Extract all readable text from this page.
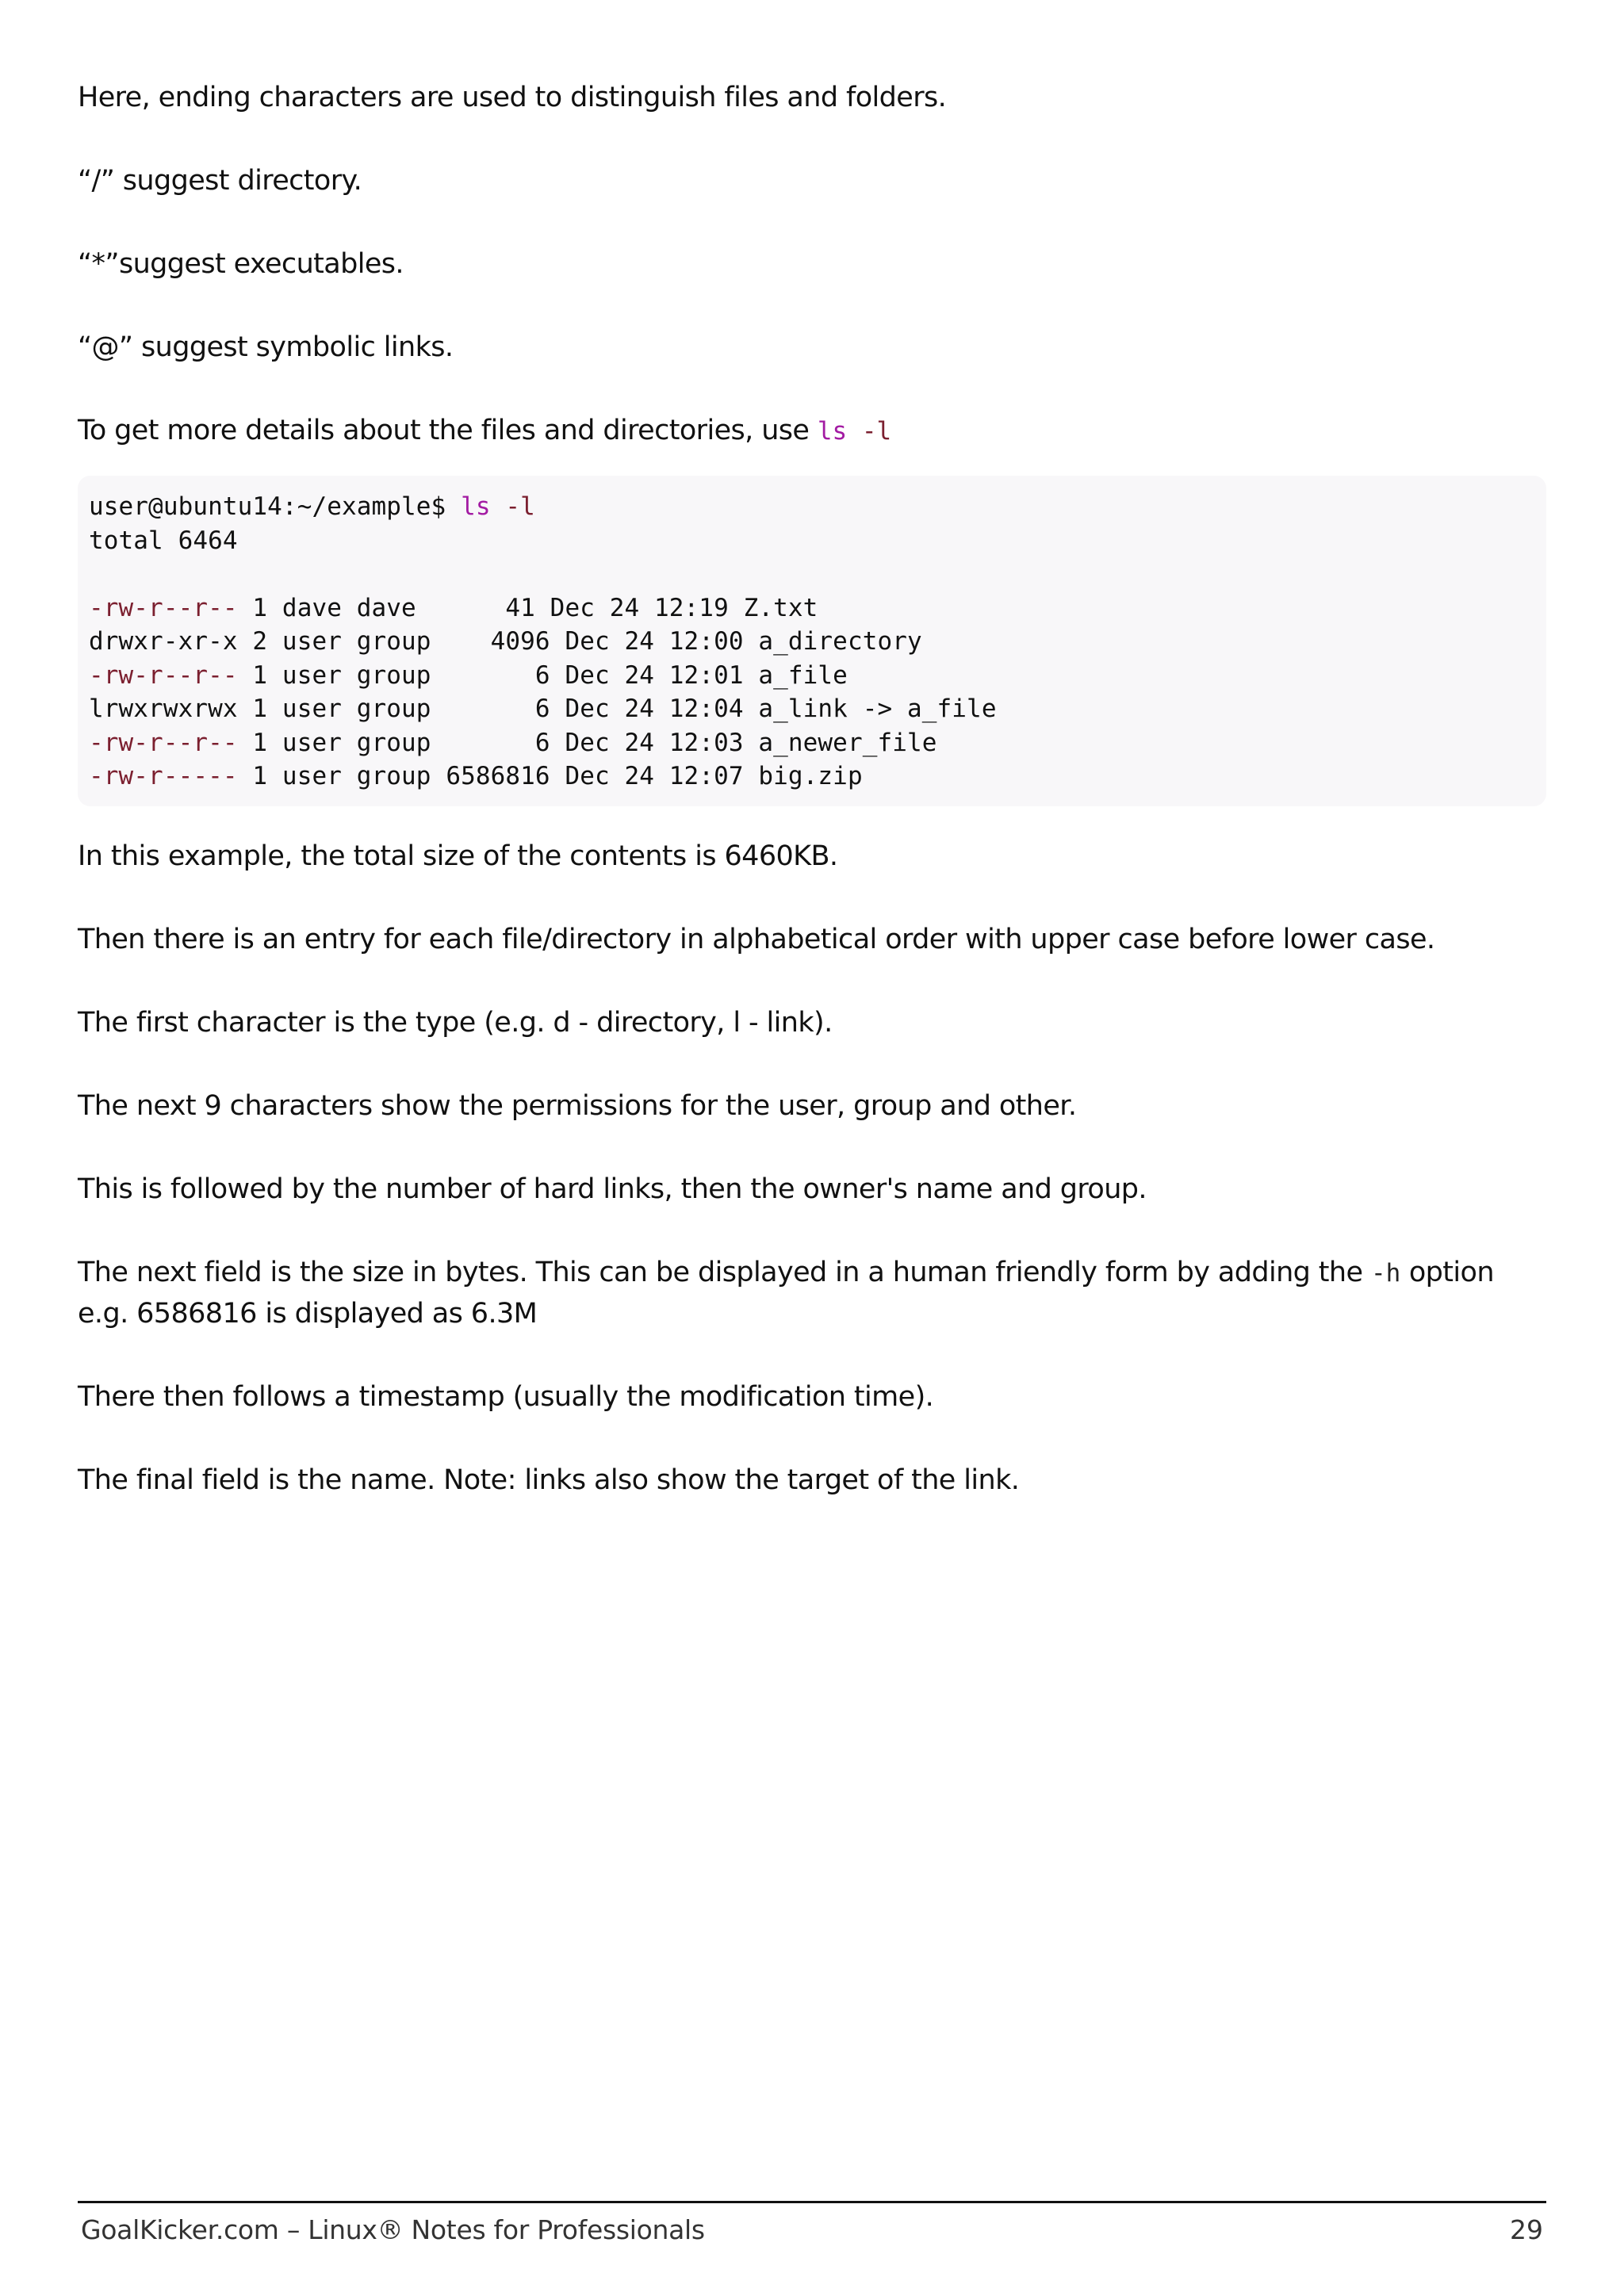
Here, ending characters are used to distinguish files and folders.

“/” suggest directory.

“*”suggest executables.

“@” suggest symbolic links.

To get more details about the files and directories, use ls -l

user@ubuntu14:~/example$ ls -l
total 6464
-rw-r--r-- 1 dave dave      41 Dec 24 12:19 Z.txt
drwxr-xr-x 2 user group    4096 Dec 24 12:00 a_directory
-rw-r--r-- 1 user group       6 Dec 24 12:01 a_file
lrwxrwxrwx 1 user group       6 Dec 24 12:04 a_link -> a_file
-rw-r--r-- 1 user group       6 Dec 24 12:03 a_newer_file
-rw-r----- 1 user group 6586816 Dec 24 12:07 big.zip

In this example, the total size of the contents is 6460KB.

Then there is an entry for each file/directory in alphabetical order with upper case before lower case.

The first character is the type (e.g. d - directory, l - link).

The next 9 characters show the permissions for the user, group and other.

This is followed by the number of hard links, then the owner's name and group.

The next field is the size in bytes. This can be displayed in a human friendly form by adding the -h option e.g. 6586816 is displayed as 6.3M

There then follows a timestamp (usually the modification time).

The final field is the name. Note: links also show the target of the link.

GoalKicker.com – Linux® Notes for Professionals	29
